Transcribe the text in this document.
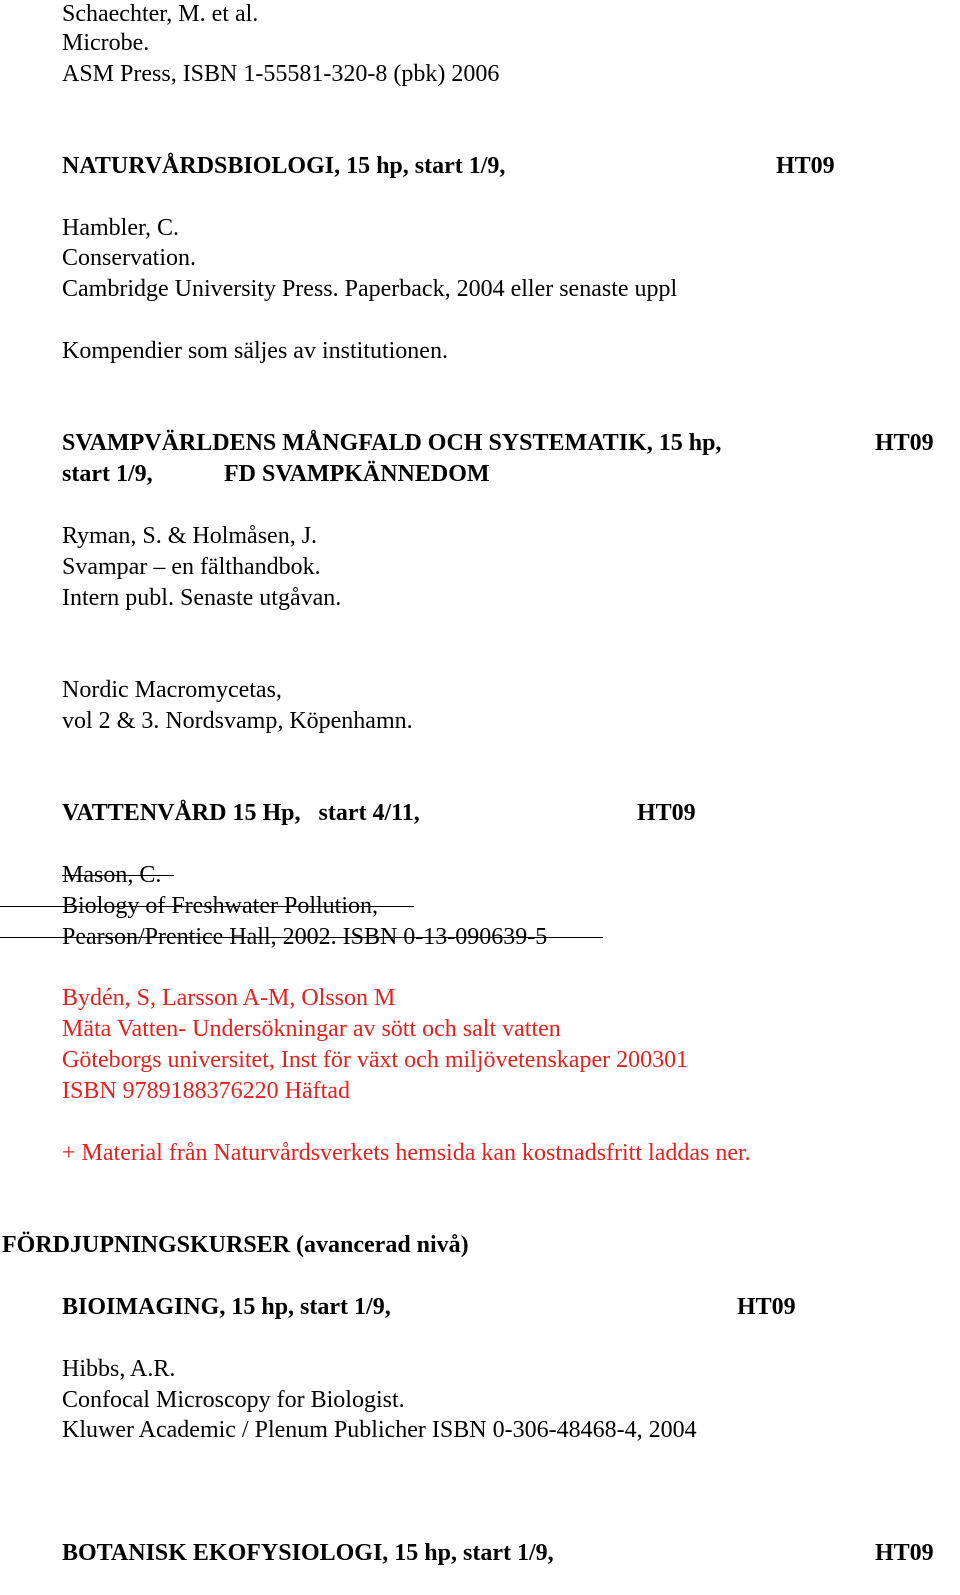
Schaechter, M. et al.
Microbe.
ASM Press, ISBN 1-55581-320-8 (pbk) 2006
NATURVÅRDSBIOLOGI, 15 hp, start 1/9,	HT09
Hambler, C.
Conservation.
Cambridge University Press. Paperback, 2004 eller senaste uppl
Kompendier som säljes av institutionen.
SVAMPVÄRLDENS MÅNGFALD OCH SYSTEMATIK, 15 hp,	HT09
start 1/9,	FD SVAMPKÄNNEDOM
Ryman, S. & Holmåsen, J.
Svampar – en fälthandbok.
Intern publ. Senaste utgåvan.
Nordic Macromycetas,
vol 2 & 3. Nordsvamp, Köpenhamn.
VATTENVÅRD 15 Hp,   start 4/11,	HT09
Mason, C.
Biology of Freshwater Pollution,
Pearson/Prentice Hall, 2002. ISBN 0-13-090639-5
Bydén, S, Larsson A-M, Olsson M
Mäta Vatten- Undersökningar av sött och salt vatten
Göteborgs universitet, Inst för växt och miljövetenskaper 200301
ISBN 9789188376220 Häftad
+ Material från Naturvårdsverkets hemsida kan kostnadsfritt laddas ner.
FÖRDJUPNINGSKURSER (avancerad nivå)
BIOIMAGING, 15 hp, start 1/9,	HT09
Hibbs, A.R.
Confocal Microscopy for Biologist.
Kluwer Academic / Plenum Publicher ISBN 0-306-48468-4, 2004
BOTANISK EKOFYSIOLOGI, 15 hp, start 1/9,	HT09
